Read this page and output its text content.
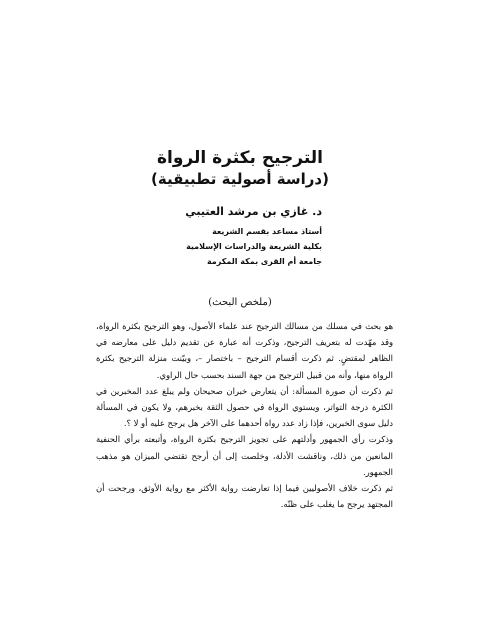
الترجيح بكثرة الرواة
(دراسة أصولية تطبيقية)
د. غازي بن مرشد العتيبي
أستاذ مساعد بقسم الشريعة
بكلية الشريعة والدراسات الإسلامية
جامعة أم القرى بمكة المكرمة
(ملخص البحث)

هو بحث في مسلك من مسالك الترجيح عند علماء الأصول، وهو الترجيح بكثرة الرواة، وقد مهّدت له بتعريف الترجيح، وذكرت أنه عبارة عن تقديم دليل على معارضه في الظاهر لمقتضٍ. ثم ذكرت أقسام الترجيح – باختصار –، وبيّنت منزلة الترجيح بكثرة الرواة منها، وأنه من قبيل الترجيح من جهة السند بحسب حال الراوي.

ثم ذكرت أن صورة المسألة: أن يتعارض خبران صحيحان ولم يبلغ عدد المخبرين في الكثرة درجة التواتر، ويستوي الرواة في حصول الثقة بخبرهم، ولا يكون في المسألة دليل سوى الخبرين، فإذا زاد عدد رواة أحدهما على الآخر هل يرجح عليه أو لا ؟.

وذكرت رأي الجمهور وأدلتهم على تجويز الترجيح بكثرة الرواة، وأتبعته برأي الحنفية المانعين من ذلك، وناقشت الأدلة، وخلصت إلى أن أرجح تقتضي الميزان هو مذهب الجمهور.

ثم ذكرت خلاف الأصوليين فيما إذا تعارضت رواية الأكثر مع رواية الأوثق، ورجحت أن المجتهد يرجح ما يغلب على ظنّه.
